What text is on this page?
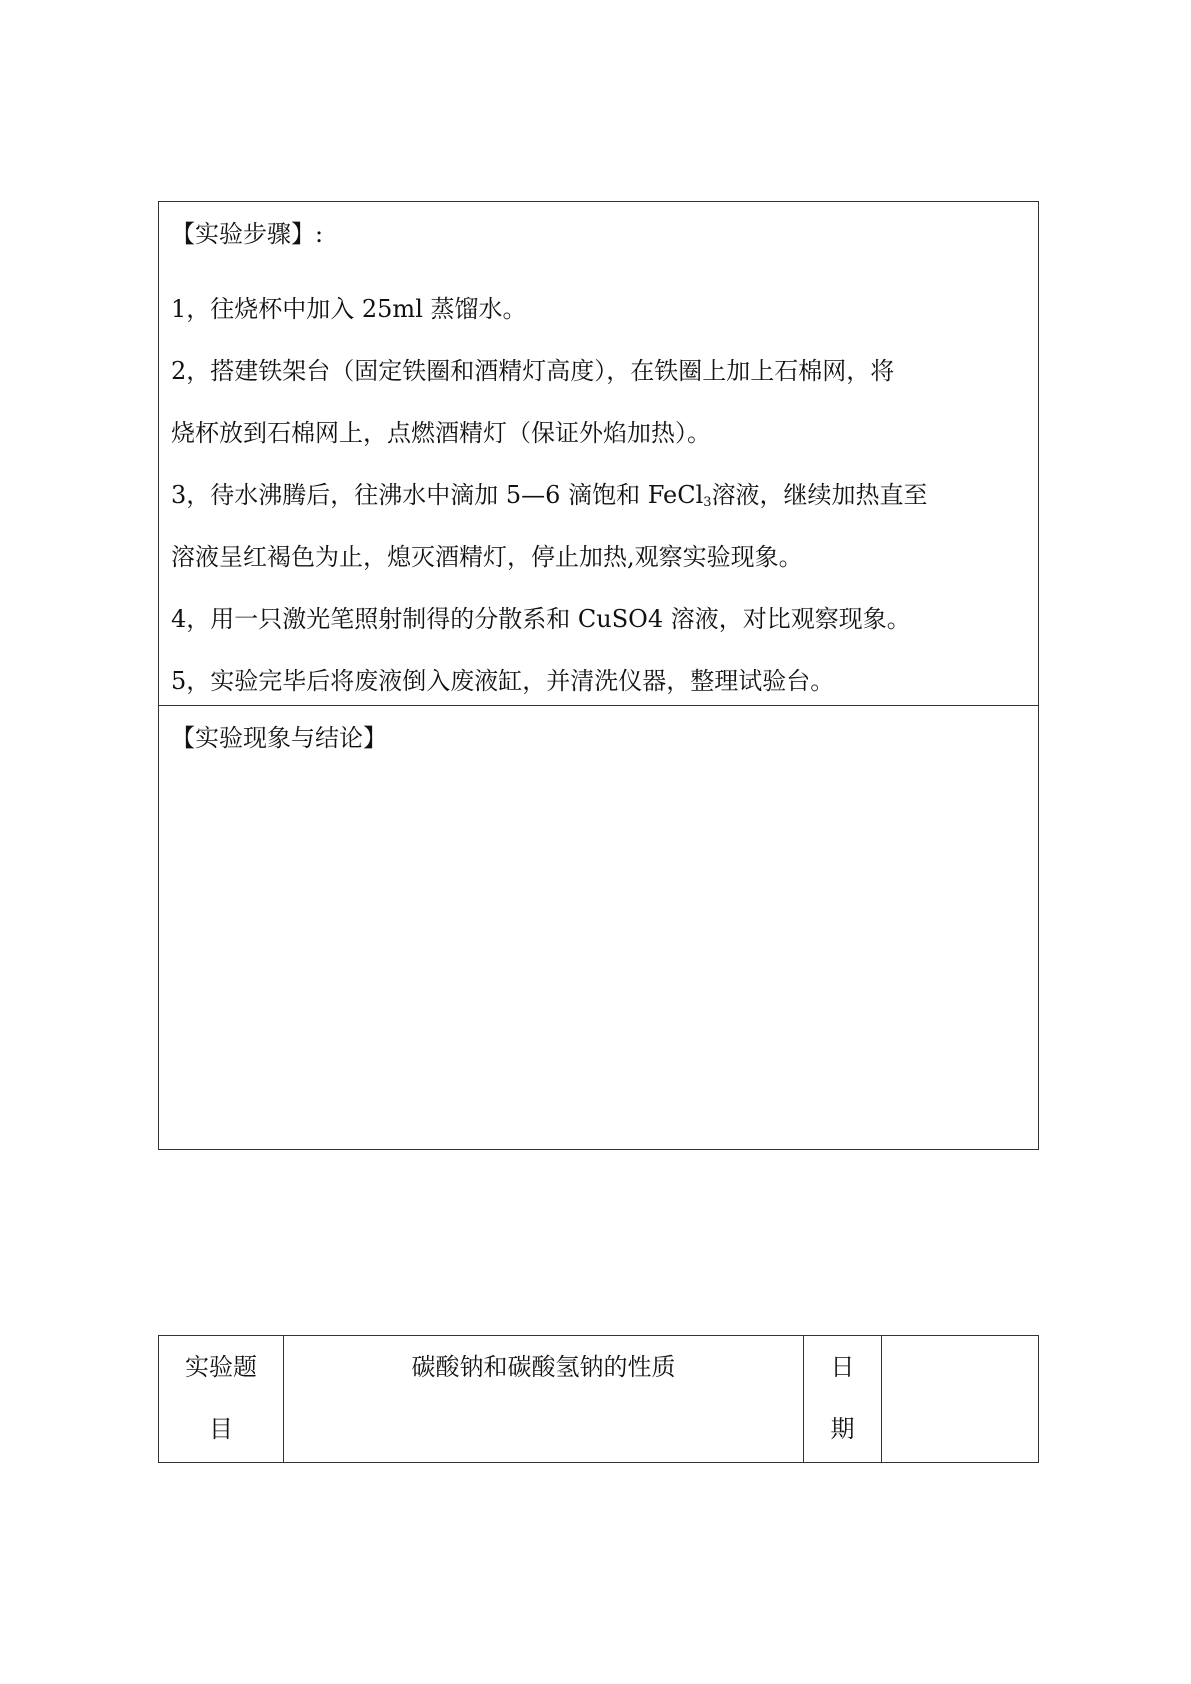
【实验步骤】:

1，往烧杯中加入 25ml 蒸馏水。

2，搭建铁架台（固定铁圈和酒精灯高度），在铁圈上加上石棉网，将

烧杯放到石棉网上，点燃酒精灯（保证外焰加热）。

3，待水沸腾后，往沸水中滴加 5—6 滴饱和 FeCl$_3$溶液，继续加热直至

溶液呈红褐色为止，熄灭酒精灯，停止加热,观察实验现象。

4，用一只激光笔照射制得的分散系和 CuSO4 溶液，对比观察现象。

5，实验完毕后将废液倒入废液缸，并清洗仪器，整理试验台。

【实验现象与结论】

实验题
目
碳酸钠和碳酸氢钠的性质	日
期
